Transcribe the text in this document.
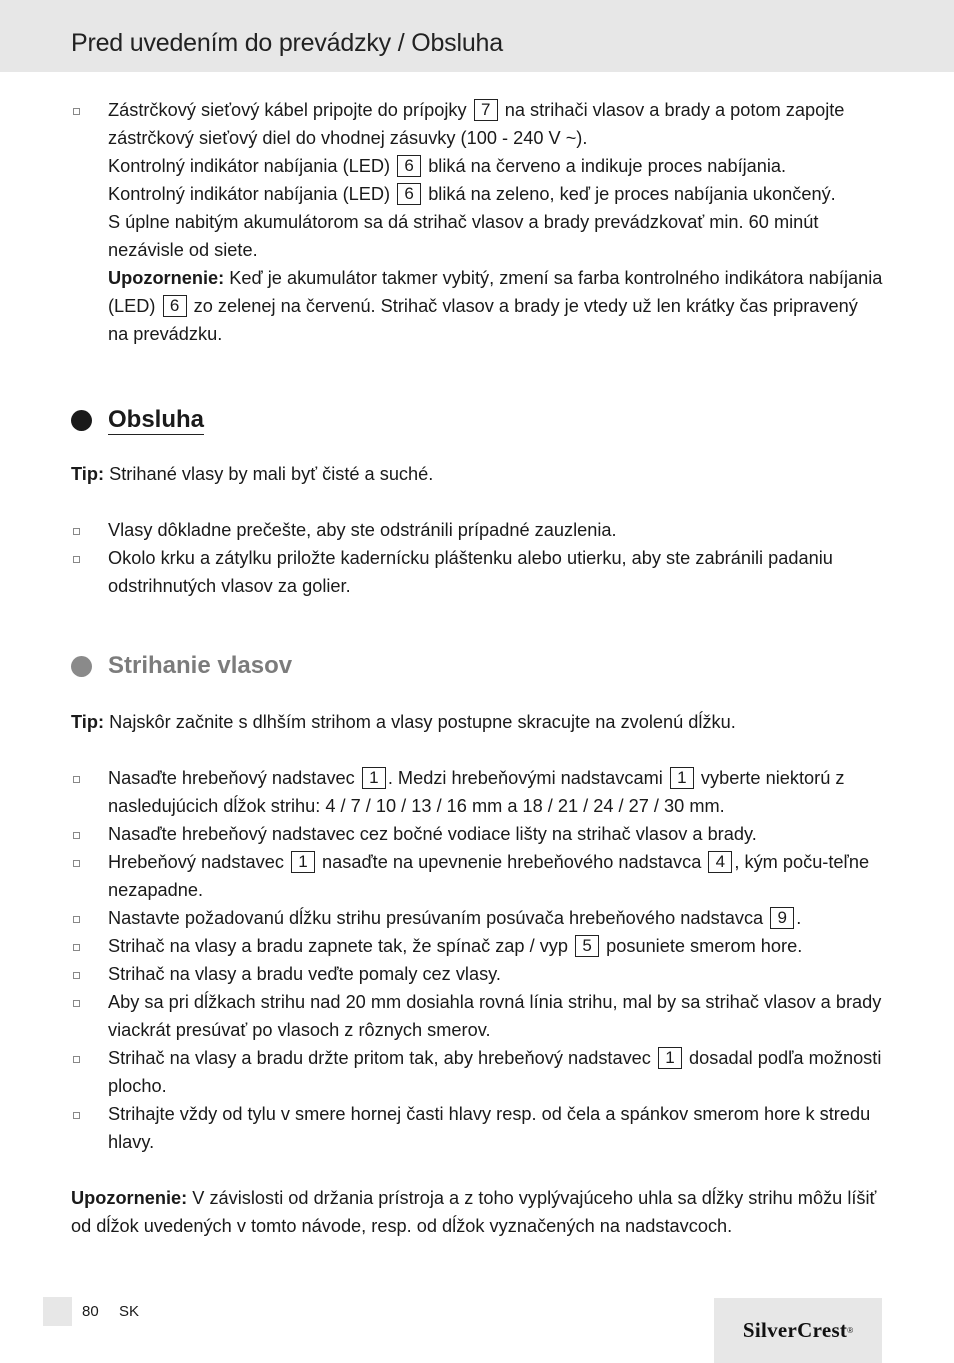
Pred uvedením do prevádzky / Obsluha
Zástrčkový sieťový kábel pripojte do prípojky 7 na strihači vlasov a brady a potom zapojte zástrčkový sieťový diel do vhodnej zásuvky (100 - 240 V ~).
Kontrolný indikátor nabíjania (LED) 6 bliká na červeno a indikuje proces nabíjania.
Kontrolný indikátor nabíjania (LED) 6 bliká na zeleno, keď je proces nabíjania ukončený.
S úplne nabitým akumulátorom sa dá strihač vlasov a brady prevádzkovať min. 60 minút nezávisle od siete.
Upozornenie: Keď je akumulátor takmer vybitý, zmení sa farba kontrolného indikátora nabíjania (LED) 6 zo zelenej na červenú. Strihač vlasov a brady je vtedy už len krátky čas pripravený na prevádzku.
Obsluha

Tip: Strihané vlasy by mali byť čisté a suché.

Vlasy dôkladne prečešte, aby ste odstránili prípadné zauzlenia.
Okolo krku a zátylku priložte kadernícku pláštenku alebo utierku, aby ste zabránili padaniu odstrihnutých vlasov za golier.
Strihanie vlasov

Tip: Najskôr začnite s dlhším strihom a vlasy postupne skracujte na zvolenú dĺžku.

Nasaďte hrebeňový nadstavec 1 . Medzi hrebeňovými nadstavcami 1 vyberte niektorú z nasledujúcich dĺžok strihu: 4 / 7 / 10 / 13 / 16 mm a 18 / 21 / 24 / 27 / 30 mm.
Nasaďte hrebeňový nadstavec cez bočné vodiace lišty na strihač vlasov a brady.
Hrebeňový nadstavec 1 nasaďte na upevnenie hrebeňového nadstavca 4 , kým poču-teľne nezapadne.
Nastavte požadovanú dĺžku strihu presúvaním posúvača hrebeňového nadstavca 9 .
Strihač na vlasy a bradu zapnete tak, že spínač zap / vyp 5 posuniete smerom hore.
Strihač na vlasy a bradu veďte pomaly cez vlasy.
Aby sa pri dĺžkach strihu nad 20 mm dosiahla rovná línia strihu, mal by sa strihač vlasov a brady viackrát presúvať po vlasoch z rôznych smerov.
Strihač na vlasy a bradu držte pritom tak, aby hrebeňový nadstavec 1 dosadal podľa možnosti plocho.
Strihajte vždy od tylu v smere hornej časti hlavy resp. od čela a spánkov smerom hore k stredu hlavy.

Upozornenie: V závislosti od držania prístroja a z toho vyplývajúceho uhla sa dĺžky strihu môžu líšiť od dĺžok uvedených v tomto návode, resp. od dĺžok vyznačených na nadstavcoch.

80 SK
SilverCrest ®
